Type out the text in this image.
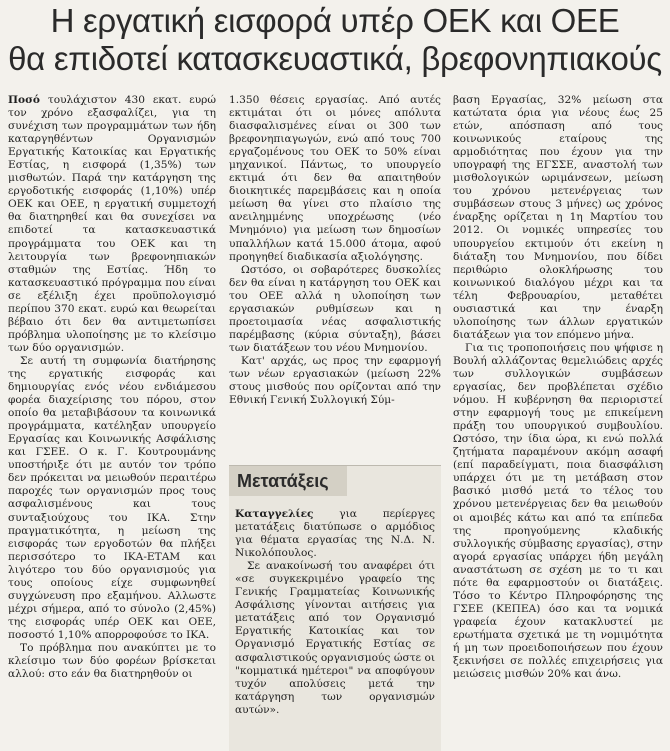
Η εργατική εισφορά υπέρ ΟΕΚ και ΟΕΕ
θα επιδοτεί κατασκευαστικά, βρεφονηπιακούς

Ποσό τουλάχιστον 430 εκατ. ευρώ τον χρόνο εξασφαλίζει, για τη συνέχιση των προγραμμάτων των ήδη καταργηθέντων Οργανισμών Εργατικής Κατοικίας και Εργατικής Εστίας, η εισφορά (1,35%) των μισθωτών. Παρά την κατάργηση της εργοδοτικής εισφοράς (1,10%) υπέρ ΟΕΚ και ΟΕΕ, η εργατική συμμετοχή θα διατηρηθεί και θα συνεχίσει να επιδοτεί τα κατασκευαστικά προγράμματα του ΟΕΚ και τη λειτουργία των βρεφονηπιακών σταθμών της Εστίας. Ήδη το κατασκευαστικό πρόγραμμα που είναι σε εξέλιξη έχει προϋπολογισμό περίπου 370 εκατ. ευρώ και θεωρείται βέβαιο ότι δεν θα αντιμετωπίσει πρόβλημα υλοποίησης με το κλείσιμο των δύο οργανισμών.

Σε αυτή τη συμφωνία διατήρησης της εργατικής εισφοράς και δημιουργίας ενός νέου ενδιάμεσου φορέα διαχείρισης του πόρου, στον οποίο θα μεταβιβάσουν τα κοινωνικά προγράμματα, κατέληξαν υπουργείο Εργασίας και Κοινωνικής Ασφάλισης και ΓΣΕΕ. Ο κ. Γ. Κουτρουμάνης υποστήριξε ότι με αυτόν τον τρόπο δεν πρόκειται να μειωθούν περαιτέρω παροχές των οργανισμών προς τους ασφαλισμένους και τους συνταξιούχους του ΙΚΑ. Στην πραγματικότητα, η μείωση της εισφοράς των εργοδοτών θα πλήξει περισσότερο το ΙΚΑ-ΕΤΑΜ και λιγότερο του δύο οργανισμούς για τους οποίους είχε συμφωνηθεί συγχώνευση προ εξαμήνου. Αλλωστε μέχρι σήμερα, από το σύνολο (2,45%) της εισφοράς υπέρ ΟΕΚ και ΟΕΕ, ποσοστό 1,10% απορροφούσε το ΙΚΑ.

Το πρόβλημα που ανακύπτει με το κλείσιμο των δύο φορέων βρίσκεται αλλού: στο εάν θα διατηρηθούν οι

1.350 θέσεις εργασίας. Από αυτές εκτιμάται ότι οι μόνες απόλυτα διασφαλισμένες είναι οι 300 των βρεφονηπιαγωγών, ενώ από τους 700 εργαζομένους του ΟΕΚ το 50% είναι μηχανικοί. Πάντως, το υπουργείο εκτιμά ότι δεν θα απαιτηθούν διοικητικές παρεμβάσεις και η οποία μείωση θα γίνει στο πλαίσιο της ανειλημμένης υποχρέωσης (νέο Μνημόνιο) για μείωση των δημοσίων υπαλλήλων κατά 15.000 άτομα, αφού προηγηθεί διαδικασία αξιολόγησης.

Ωστόσο, οι σοβαρότερες δυσκολίες δεν θα είναι η κατάργηση του ΟΕΚ και του ΟΕΕ αλλά η υλοποίηση των εργασιακών ρυθμίσεων και η προετοιμασία νέας ασφαλιστικής παρέμβασης (κύρια σύνταξη), βάσει των διατάξεων του νέου Μνημονίου.

Κατ' αρχάς, ως προς την εφαρμογή των νέων εργασιακών (μείωση 22% στους μισθούς που ορίζονται από την Εθνική Γενική Συλλογική Σύμ-

Μετατάξεις

Καταγγελίες για περίεργες μετατάξεις διατύπωσε ο αρμόδιος για θέματα εργασίας της Ν.Δ. Ν. Νικολόπουλος.

Σε ανακοίνωσή του αναφέρει ότι «σε συγκεκριμένο γραφείο της Γενικής Γραμματείας Κοινωνικής Ασφάλισης γίνονται αιτήσεις για μετατάξεις από τον Οργανισμό Εργατικής Κατοικίας και τον Οργανισμό Εργατικής Εστίας σε ασφαλιστικούς οργανισμούς ώστε οι "κομματικά ημέτεροι" να αποφύγουν τυχόν απολύσεις μετά την κατάργηση των οργανισμών αυτών».

βαση Εργασίας, 32% μείωση στα κατώτατα όρια για νέους έως 25 ετών, απόσπαση από τους κοινωνικούς εταίρους της αρμοδιότητας που έχουν για την υπογραφή της ΕΓΣΣΕ, αναστολή των μισθολογικών ωριμάνσεων, μείωση του χρόνου μετενέργειας των συμβάσεων στους 3 μήνες) ως χρόνος έναρξης ορίζεται η 1η Μαρτίου του 2012. Οι νομικές υπηρεσίες του υπουργείου εκτιμούν ότι εκείνη η διάταξη του Μνημονίου, που δίδει περιθώριο ολοκλήρωσης του κοινωνικού διαλόγου μέχρι και τα τέλη Φεβρουαρίου, μεταθέτει ουσιαστικά και την έναρξη υλοποίησης των άλλων εργατικών διατάξεων για τον επόμενο μήνα.

Για τις τροποποιήσεις που ψήφισε η Βουλή αλλάζοντας θεμελιώδεις αρχές των συλλογικών συμβάσεων εργασίας, δεν προβλέπεται σχέδιο νόμου. Η κυβέρνηση θα περιοριστεί στην εφαρμογή τους με επικείμενη πράξη του υπουργικού συμβουλίου. Ωστόσο, την ίδια ώρα, κι ενώ πολλά ζητήματα παραμένουν ακόμη ασαφή (επί παραδείγματι, ποια διασφάλιση υπάρχει ότι με τη μετάβαση στον βασικό μισθό μετά το τέλος του χρόνου μετενέργειας δεν θα μειωθούν οι αμοιβές κάτω και από τα επίπεδα της προηγούμενης κλαδικής συλλογικής σύμβασης εργασίας), στην αγορά εργασίας υπάρχει ήδη μεγάλη αναστάτωση σε σχέση με το τι και πότε θα εφαρμοστούν οι διατάξεις. Τόσο το Κέντρο Πληροφόρησης της ΓΣΕΕ (ΚΕΠΕΑ) όσο και τα νομικά γραφεία έχουν κατακλυστεί με ερωτήματα σχετικά με τη νομιμότητα ή μη των προειδοποιήσεων που έχουν ξεκινήσει σε πολλές επιχειρήσεις για μειώσεις μισθών 20% και άνω.
